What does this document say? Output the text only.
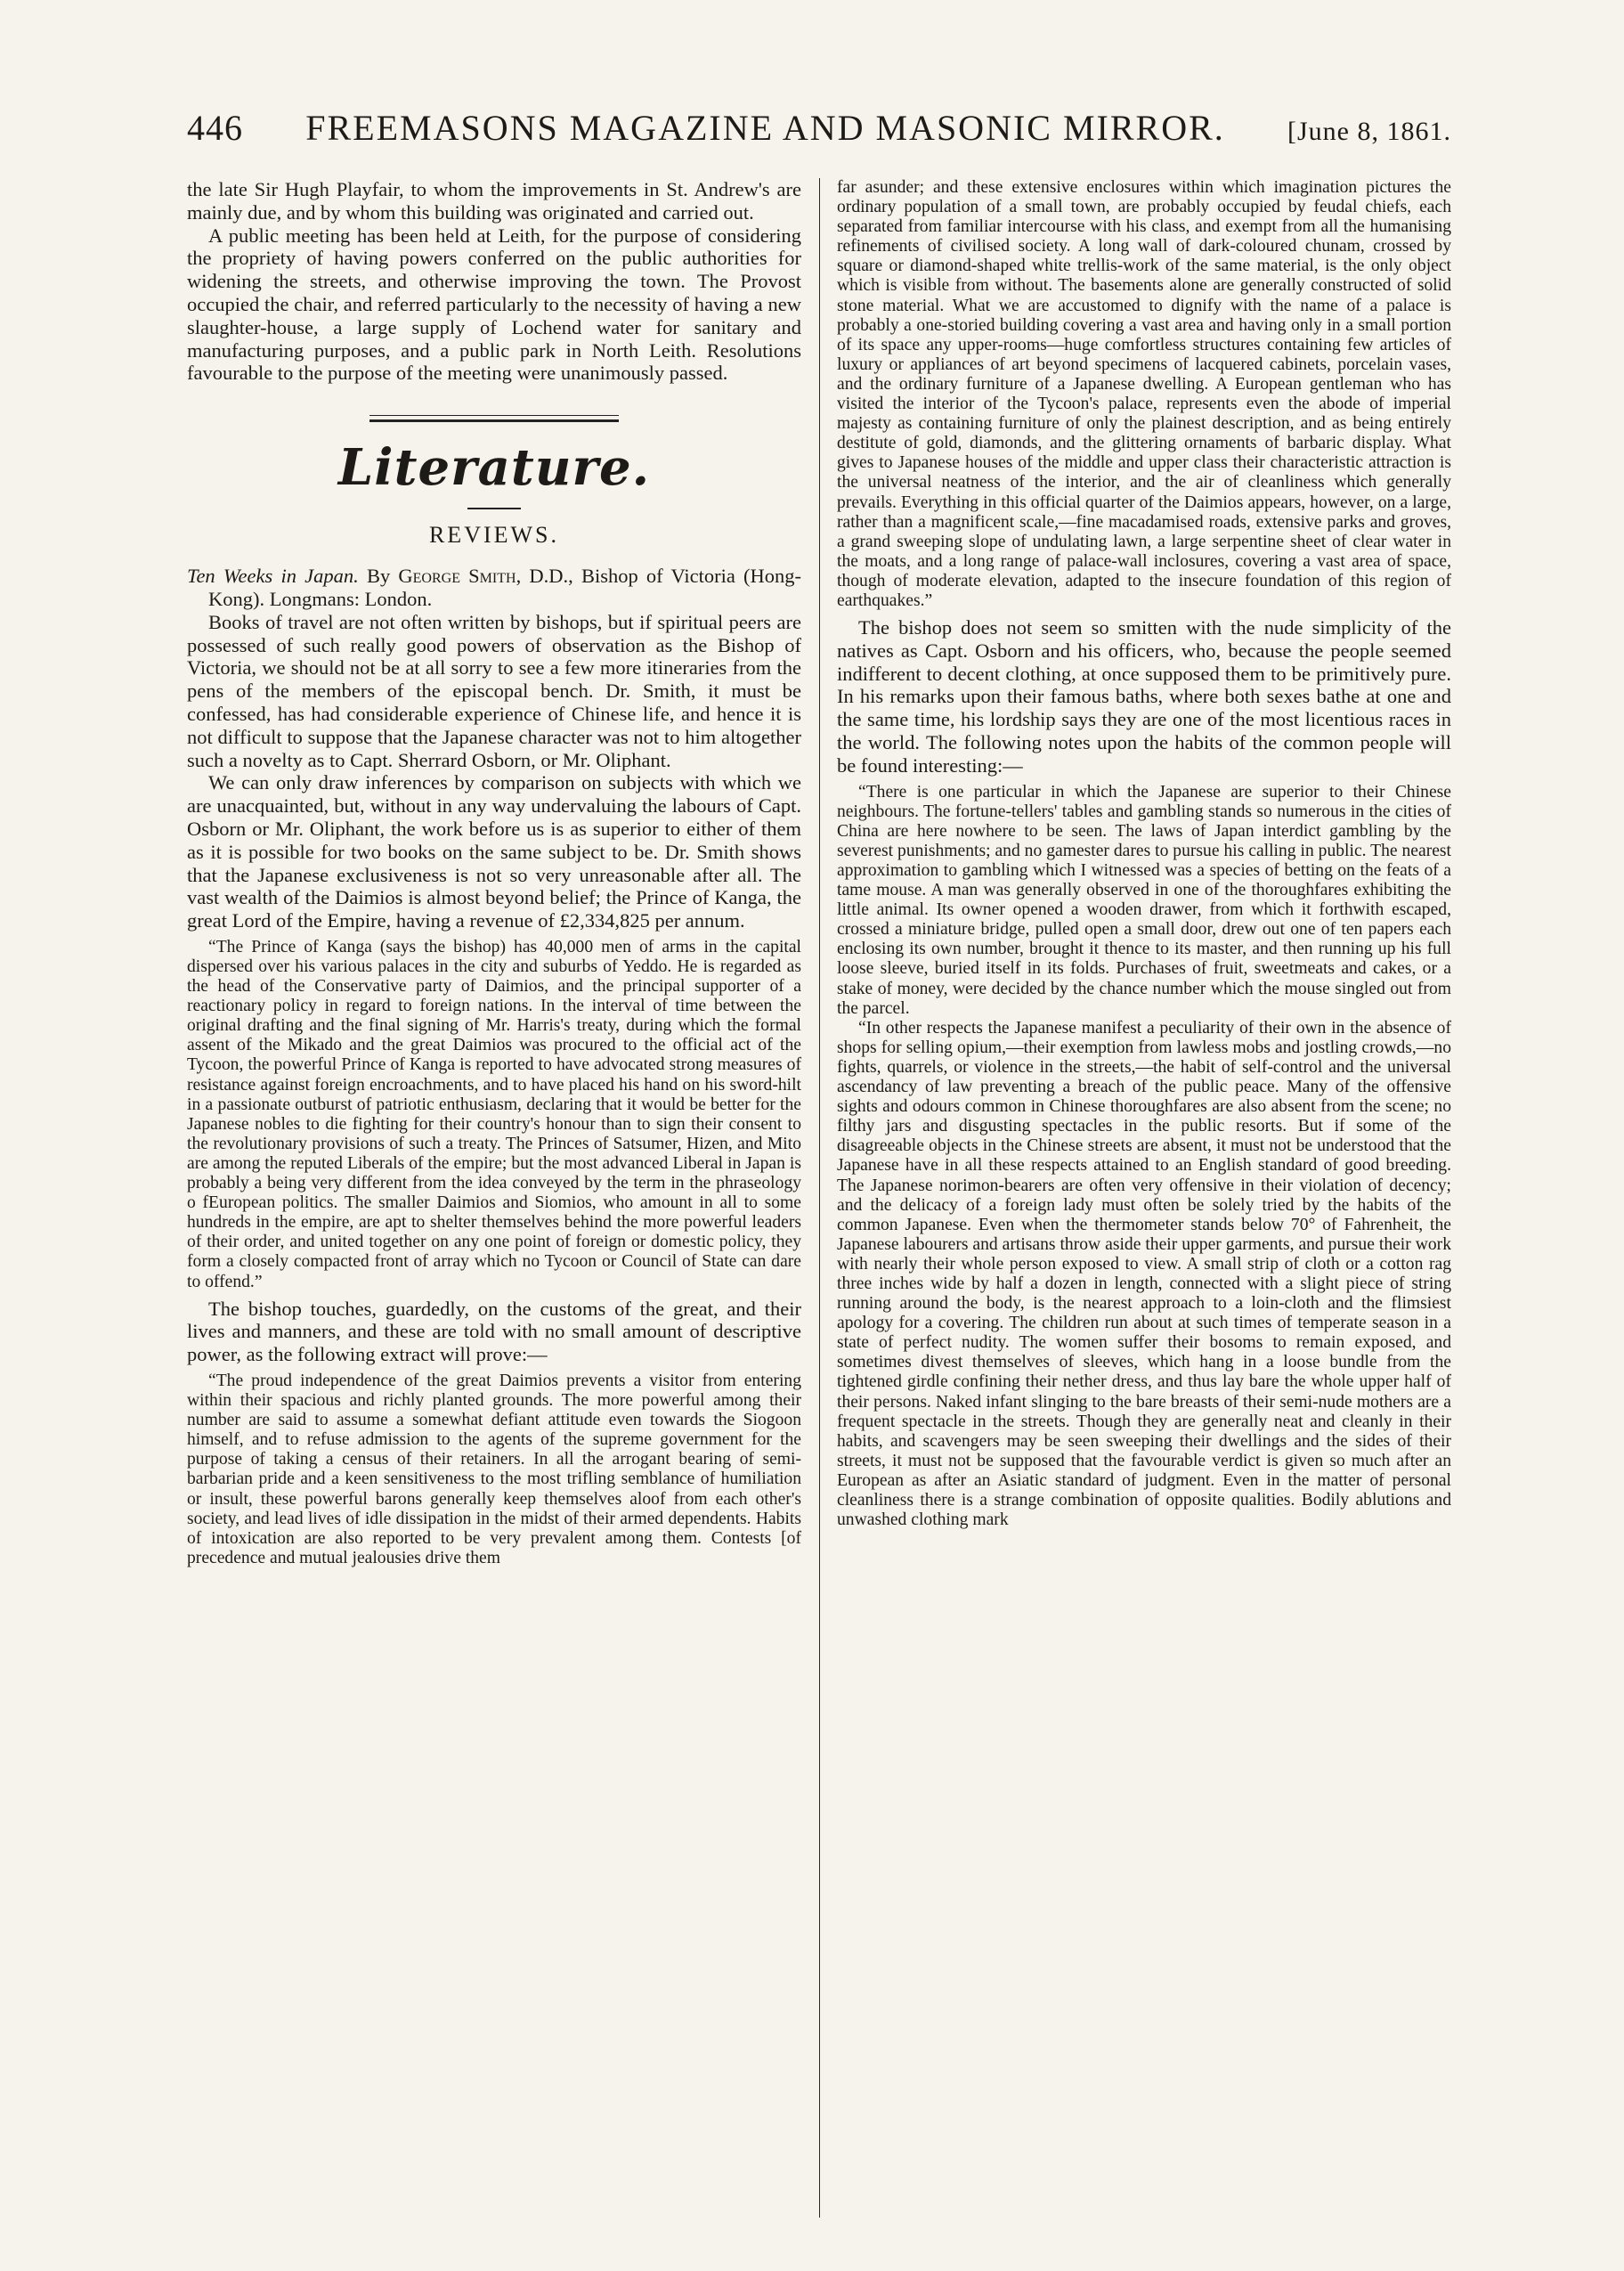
446 FREEMASONS MAGAZINE AND MASONIC MIRROR. [June 8, 1861.

the late Sir Hugh Playfair, to whom the improvements in St. Andrew's are mainly due, and by whom this building was originated and carried out.

A public meeting has been held at Leith, for the purpose of considering the propriety of having powers conferred on the public authorities for widening the streets, and otherwise improving the town. The Provost occupied the chair, and referred particularly to the necessity of having a new slaughter-house, a large supply of Lochend water for sanitary and manufacturing purposes, and a public park in North Leith. Resolutions favourable to the purpose of the meeting were unanimously passed.

Literature.
REVIEWS.

Ten Weeks in Japan. By George Smith, D.D., Bishop of Victoria (Hong-Kong). Longmans: London.

Books of travel are not often written by bishops, but if spiritual peers are possessed of such really good powers of observation as the Bishop of Victoria, we should not be at all sorry to see a few more itineraries from the pens of the members of the episcopal bench. Dr. Smith, it must be confessed, has had considerable experience of Chinese life, and hence it is not difficult to suppose that the Japanese character was not to him altogether such a novelty as to Capt. Sherrard Osborn, or Mr. Oliphant.

We can only draw inferences by comparison on subjects with which we are unacquainted, but, without in any way undervaluing the labours of Capt. Osborn or Mr. Oliphant, the work before us is as superior to either of them as it is possible for two books on the same subject to be. Dr. Smith shows that the Japanese exclusiveness is not so very unreasonable after all. The vast wealth of the Daimios is almost beyond belief; the Prince of Kanga, the great Lord of the Empire, having a revenue of £2,334,825 per annum.

“The Prince of Kanga (says the bishop) has 40,000 men of arms in the capital dispersed over his various palaces in the city and suburbs of Yeddo. He is regarded as the head of the Conservative party of Daimios, and the principal supporter of a reactionary policy in regard to foreign nations. In the interval of time between the original drafting and the final signing of Mr. Harris's treaty, during which the formal assent of the Mikado and the great Daimios was procured to the official act of the Tycoon, the powerful Prince of Kanga is reported to have advocated strong measures of resistance against foreign encroachments, and to have placed his hand on his sword-hilt in a passionate outburst of patriotic enthusiasm, declaring that it would be better for the Japanese nobles to die fighting for their country's honour than to sign their consent to the revolutionary provisions of such a treaty. The Princes of Satsumer, Hizen, and Mito are among the reputed Liberals of the empire; but the most advanced Liberal in Japan is probably a being very different from the idea conveyed by the term in the phraseology o fEuropean politics. The smaller Daimios and Siomios, who amount in all to some hundreds in the empire, are apt to shelter themselves behind the more powerful leaders of their order, and united together on any one point of foreign or domestic policy, they form a closely compacted front of array which no Tycoon or Council of State can dare to offend.”

The bishop touches, guardedly, on the customs of the great, and their lives and manners, and these are told with no small amount of descriptive power, as the following extract will prove:—

“The proud independence of the great Daimios prevents a visitor from entering within their spacious and richly planted grounds. The more powerful among their number are said to assume a somewhat defiant attitude even towards the Siogoon himself, and to refuse admission to the agents of the supreme government for the purpose of taking a census of their retainers. In all the arrogant bearing of semi-barbarian pride and a keen sensitiveness to the most trifling semblance of humiliation or insult, these powerful barons generally keep themselves aloof from each other's society, and lead lives of idle dissipation in the midst of their armed dependents. Habits of intoxication are also reported to be very prevalent among them. Contests [of precedence and mutual jealousies drive them

far asunder; and these extensive enclosures within which imagination pictures the ordinary population of a small town, are probably occupied by feudal chiefs, each separated from familiar intercourse with his class, and exempt from all the humanising refinements of civilised society. A long wall of dark-coloured chunam, crossed by square or diamond-shaped white trellis-work of the same material, is the only object which is visible from without. The basements alone are generally constructed of solid stone material. What we are accustomed to dignify with the name of a palace is probably a one-storied building covering a vast area and having only in a small portion of its space any upper-rooms—huge comfortless structures containing few articles of luxury or appliances of art beyond specimens of lacquered cabinets, porcelain vases, and the ordinary furniture of a Japanese dwelling. A European gentleman who has visited the interior of the Tycoon's palace, represents even the abode of imperial majesty as containing furniture of only the plainest description, and as being entirely destitute of gold, diamonds, and the glittering ornaments of barbaric display. What gives to Japanese houses of the middle and upper class their characteristic attraction is the universal neatness of the interior, and the air of cleanliness which generally prevails. Everything in this official quarter of the Daimios appears, however, on a large, rather than a magnificent scale,—fine macadamised roads, extensive parks and groves, a grand sweeping slope of undulating lawn, a large serpentine sheet of clear water in the moats, and a long range of palace-wall inclosures, covering a vast area of space, though of moderate elevation, adapted to the insecure foundation of this region of earthquakes.”

The bishop does not seem so smitten with the nude simplicity of the natives as Capt. Osborn and his officers, who, because the people seemed indifferent to decent clothing, at once supposed them to be primitively pure. In his remarks upon their famous baths, where both sexes bathe at one and the same time, his lordship says they are one of the most licentious races in the world. The following notes upon the habits of the common people will be found interesting:—

“There is one particular in which the Japanese are superior to their Chinese neighbours. The fortune-tellers' tables and gambling stands so numerous in the cities of China are here nowhere to be seen. The laws of Japan interdict gambling by the severest punishments; and no gamester dares to pursue his calling in public. The nearest approximation to gambling which I witnessed was a species of betting on the feats of a tame mouse. A man was generally observed in one of the thoroughfares exhibiting the little animal. Its owner opened a wooden drawer, from which it forthwith escaped, crossed a miniature bridge, pulled open a small door, drew out one of ten papers each enclosing its own number, brought it thence to its master, and then running up his full loose sleeve, buried itself in its folds. Purchases of fruit, sweetmeats and cakes, or a stake of money, were decided by the chance number which the mouse singled out from the parcel.

“In other respects the Japanese manifest a peculiarity of their own in the absence of shops for selling opium,—their exemption from lawless mobs and jostling crowds,—no fights, quarrels, or violence in the streets,—the habit of self-control and the universal ascendancy of law preventing a breach of the public peace. Many of the offensive sights and odours common in Chinese thoroughfares are also absent from the scene; no filthy jars and disgusting spectacles in the public resorts. But if some of the disagreeable objects in the Chinese streets are absent, it must not be understood that the Japanese have in all these respects attained to an English standard of good breeding. The Japanese norimon-bearers are often very offensive in their violation of decency; and the delicacy of a foreign lady must often be solely tried by the habits of the common Japanese. Even when the thermometer stands below 70° of Fahrenheit, the Japanese labourers and artisans throw aside their upper garments, and pursue their work with nearly their whole person exposed to view. A small strip of cloth or a cotton rag three inches wide by half a dozen in length, connected with a slight piece of string running around the body, is the nearest approach to a loin-cloth and the flimsiest apology for a covering. The children run about at such times of temperate season in a state of perfect nudity. The women suffer their bosoms to remain exposed, and sometimes divest themselves of sleeves, which hang in a loose bundle from the tightened girdle confining their nether dress, and thus lay bare the whole upper half of their persons. Naked infant slinging to the bare breasts of their semi-nude mothers are a frequent spectacle in the streets. Though they are generally neat and cleanly in their habits, and scavengers may be seen sweeping their dwellings and the sides of their streets, it must not be supposed that the favourable verdict is given so much after an European as after an Asiatic standard of judgment. Even in the matter of personal cleanliness there is a strange combination of opposite qualities. Bodily ablutions and unwashed clothing mark
